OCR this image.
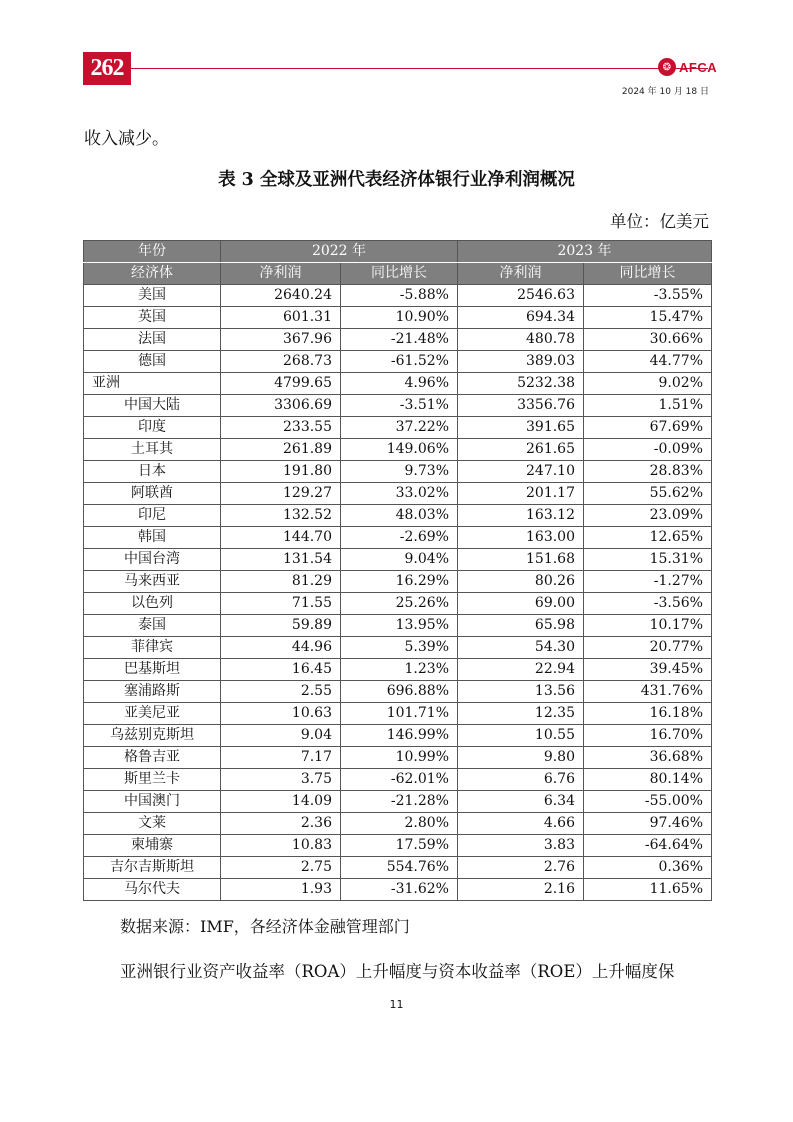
262	❂ AFCA
2024 年 10 月 18 日
收入减少。
表 3 全球及亚洲代表经济体银行业净利润概况
单位：亿美元
年份	2022 年		2023 年	
经济体	净利润	同比增长	净利润	同比增长
美国	2640.24	-5.88%	2546.63	-3.55%
英国	601.31	10.90%	694.34	15.47%
法国	367.96	-21.48%	480.78	30.66%
德国	268.73	-61.52%	389.03	44.77%
亚洲	4799.65	4.96%	5232.38	9.02%
中国大陆	3306.69	-3.51%	3356.76	1.51%
印度	233.55	37.22%	391.65	67.69%
土耳其	261.89	149.06%	261.65	-0.09%
日本	191.80	9.73%	247.10	28.83%
阿联酋	129.27	33.02%	201.17	55.62%
印尼	132.52	48.03%	163.12	23.09%
韩国	144.70	-2.69%	163.00	12.65%
中国台湾	131.54	9.04%	151.68	15.31%
马来西亚	81.29	16.29%	80.26	-1.27%
以色列	71.55	25.26%	69.00	-3.56%
泰国	59.89	13.95%	65.98	10.17%
菲律宾	44.96	5.39%	54.30	20.77%
巴基斯坦	16.45	1.23%	22.94	39.45%
塞浦路斯	2.55	696.88%	13.56	431.76%
亚美尼亚	10.63	101.71%	12.35	16.18%
乌兹别克斯坦	9.04	146.99%	10.55	16.70%
格鲁吉亚	7.17	10.99%	9.80	36.68%
斯里兰卡	3.75	-62.01%	6.76	80.14%
中国澳门	14.09	-21.28%	6.34	-55.00%
文莱	2.36	2.80%	4.66	97.46%
柬埔寨	10.83	17.59%	3.83	-64.64%
吉尔吉斯斯坦	2.75	554.76%	2.76	0.36%
马尔代夫	1.93	-31.62%	2.16	11.65%
数据来源：IMF，各经济体金融管理部门
亚洲银行业资产收益率（ROA）上升幅度与资本收益率（ROE）上升幅度保
11
